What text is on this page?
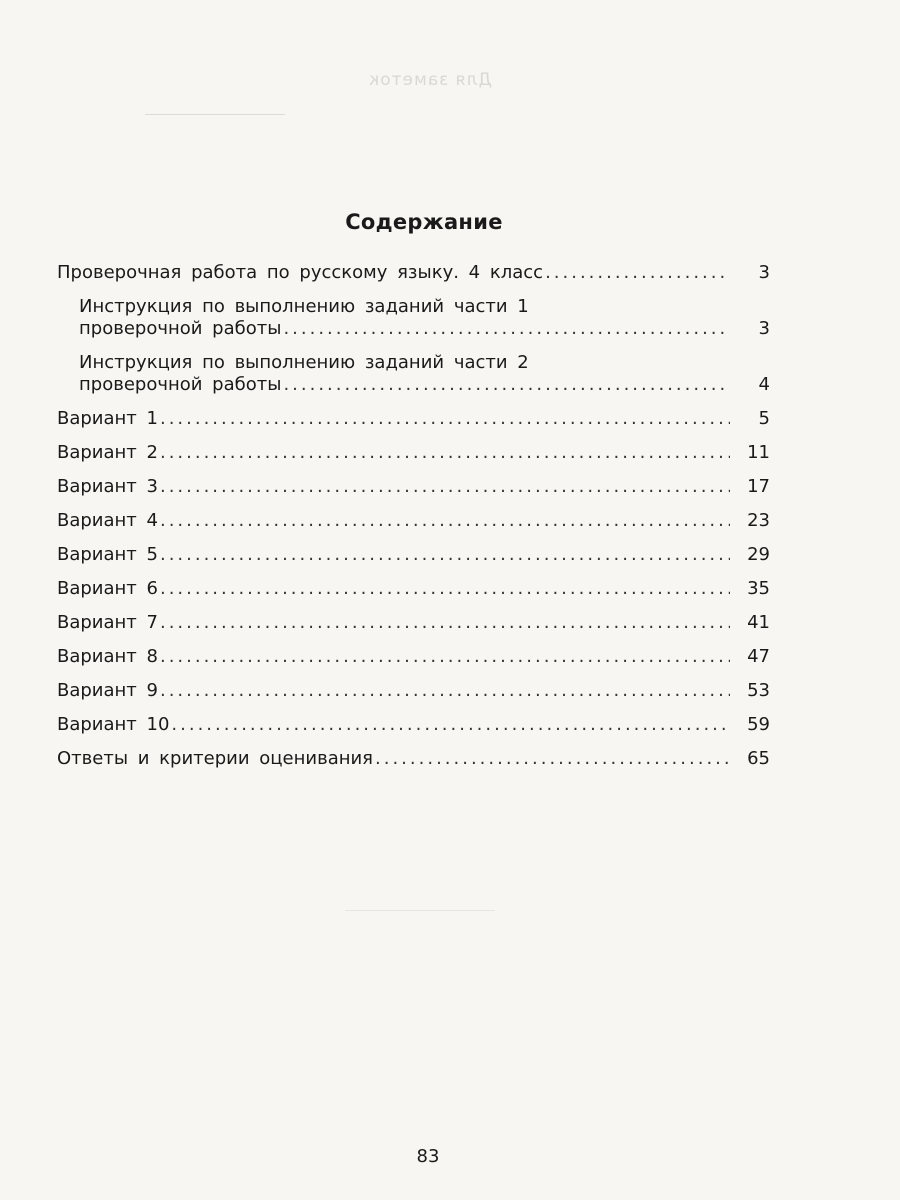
Для заметок
Содержание
Проверочная работа по русскому языку. 4 класс .....	3
Инструкция по выполнению заданий части 1
проверочной работы .....	3
Инструкция по выполнению заданий части 2
проверочной работы .....	4
Вариант 1 .....	5
Вариант 2 .....	11
Вариант 3 .....	17
Вариант 4 .....	23
Вариант 5 .....	29
Вариант 6 .....	35
Вариант 7 .....	41
Вариант 8 .....	47
Вариант 9 .....	53
Вариант 10 .....	59
Ответы и критерии оценивания .....	65
83
